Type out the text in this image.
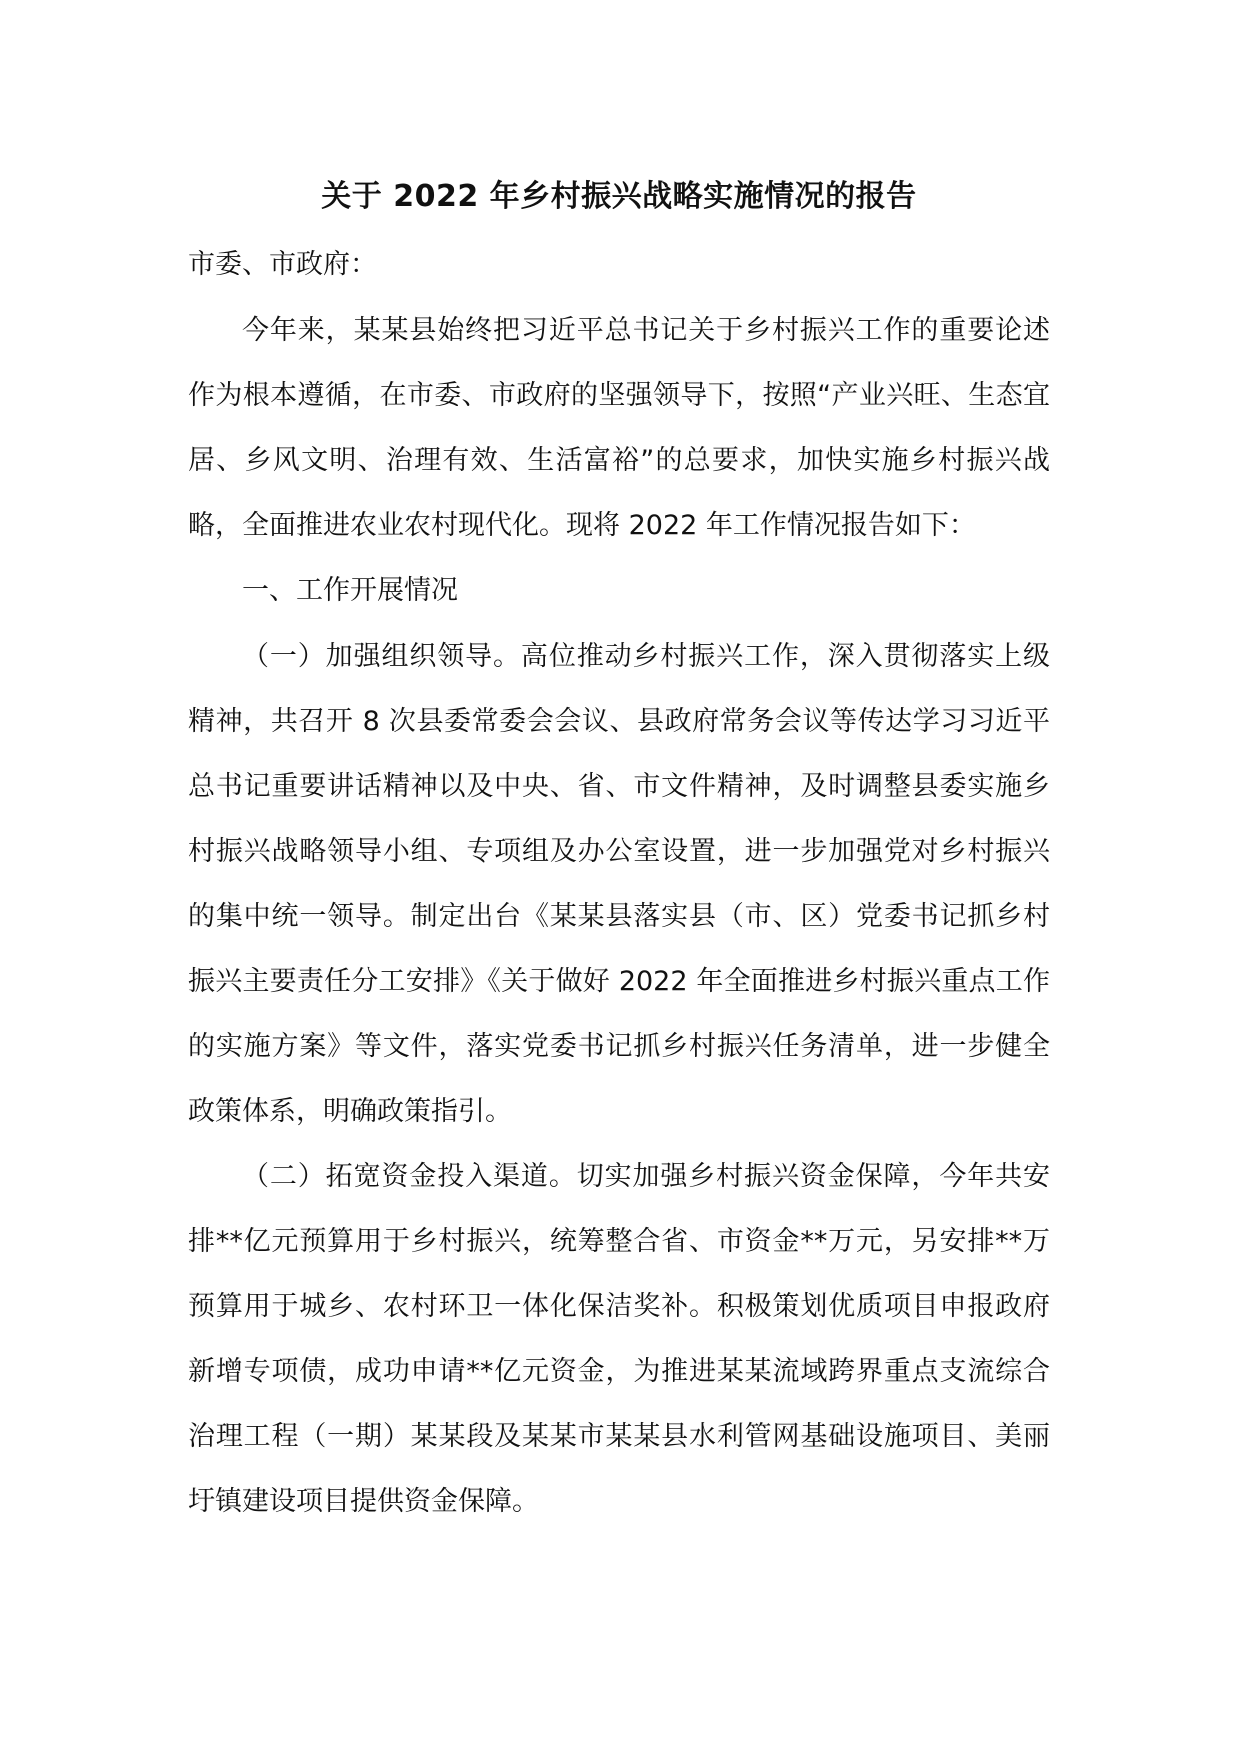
关于 2022 年乡村振兴战略实施情况的报告

市委、市政府：

今年来，某某县始终把习近平总书记关于乡村振兴工作的重要论述作为根本遵循，在市委、市政府的坚强领导下，按照“产业兴旺、生态宜居、乡风文明、治理有效、生活富裕”的总要求，加快实施乡村振兴战略，全面推进农业农村现代化。现将 2022 年工作情况报告如下：

一、工作开展情况

（一）加强组织领导。高位推动乡村振兴工作，深入贯彻落实上级精神，共召开 8 次县委常委会会议、县政府常务会议等传达学习习近平总书记重要讲话精神以及中央、省、市文件精神，及时调整县委实施乡村振兴战略领导小组、专项组及办公室设置，进一步加强党对乡村振兴的集中统一领导。制定出台《某某县落实县（市、区）党委书记抓乡村振兴主要责任分工安排》《关于做好 2022 年全面推进乡村振兴重点工作的实施方案》等文件，落实党委书记抓乡村振兴任务清单，进一步健全政策体系，明确政策指引。

（二）拓宽资金投入渠道。切实加强乡村振兴资金保障，今年共安排**亿元预算用于乡村振兴，统筹整合省、市资金**万元，另安排**万预算用于城乡、农村环卫一体化保洁奖补。积极策划优质项目申报政府新增专项债，成功申请**亿元资金，为推进某某流域跨界重点支流综合治理工程（一期）某某段及某某市某某县水利管网基础设施项目、美丽圩镇建设项目提供资金保障。
